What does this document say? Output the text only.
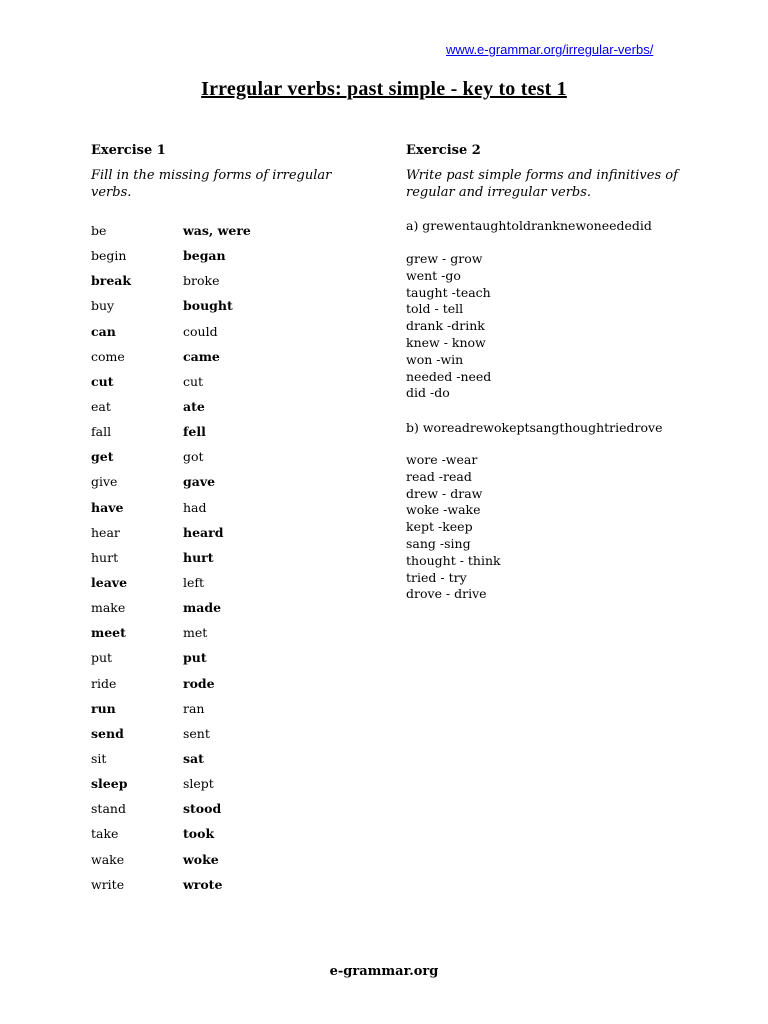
www.e-grammar.org/irregular-verbs/
Irregular verbs: past simple - key to test 1
Exercise 1
Fill in the missing forms of irregular
verbs.
be	was, were
begin	began
break	broke
buy	bought
can	could
come	came
cut	cut
eat	ate
fall	fell
get	got
give	gave
have	had
hear	heard
hurt	hurt
leave	left
make	made
meet	met
put	put
ride	rode
run	ran
send	sent
sit	sat
sleep	slept
stand	stood
take	took
wake	woke
write	wrote
Exercise 2
Write past simple forms and infinitives of
regular and irregular verbs.
a) grewentaughtoldranknewoneededid
grew - grow
went -go
taught -teach
told - tell
drank -drink
knew - know
won -win
needed -need
did -do
b) woreadrewokeptsangthoughtriedrove
wore -wear
read -read
drew - draw
woke -wake
kept -keep
sang -sing
thought - think
tried - try
drove - drive
e-grammar.org
